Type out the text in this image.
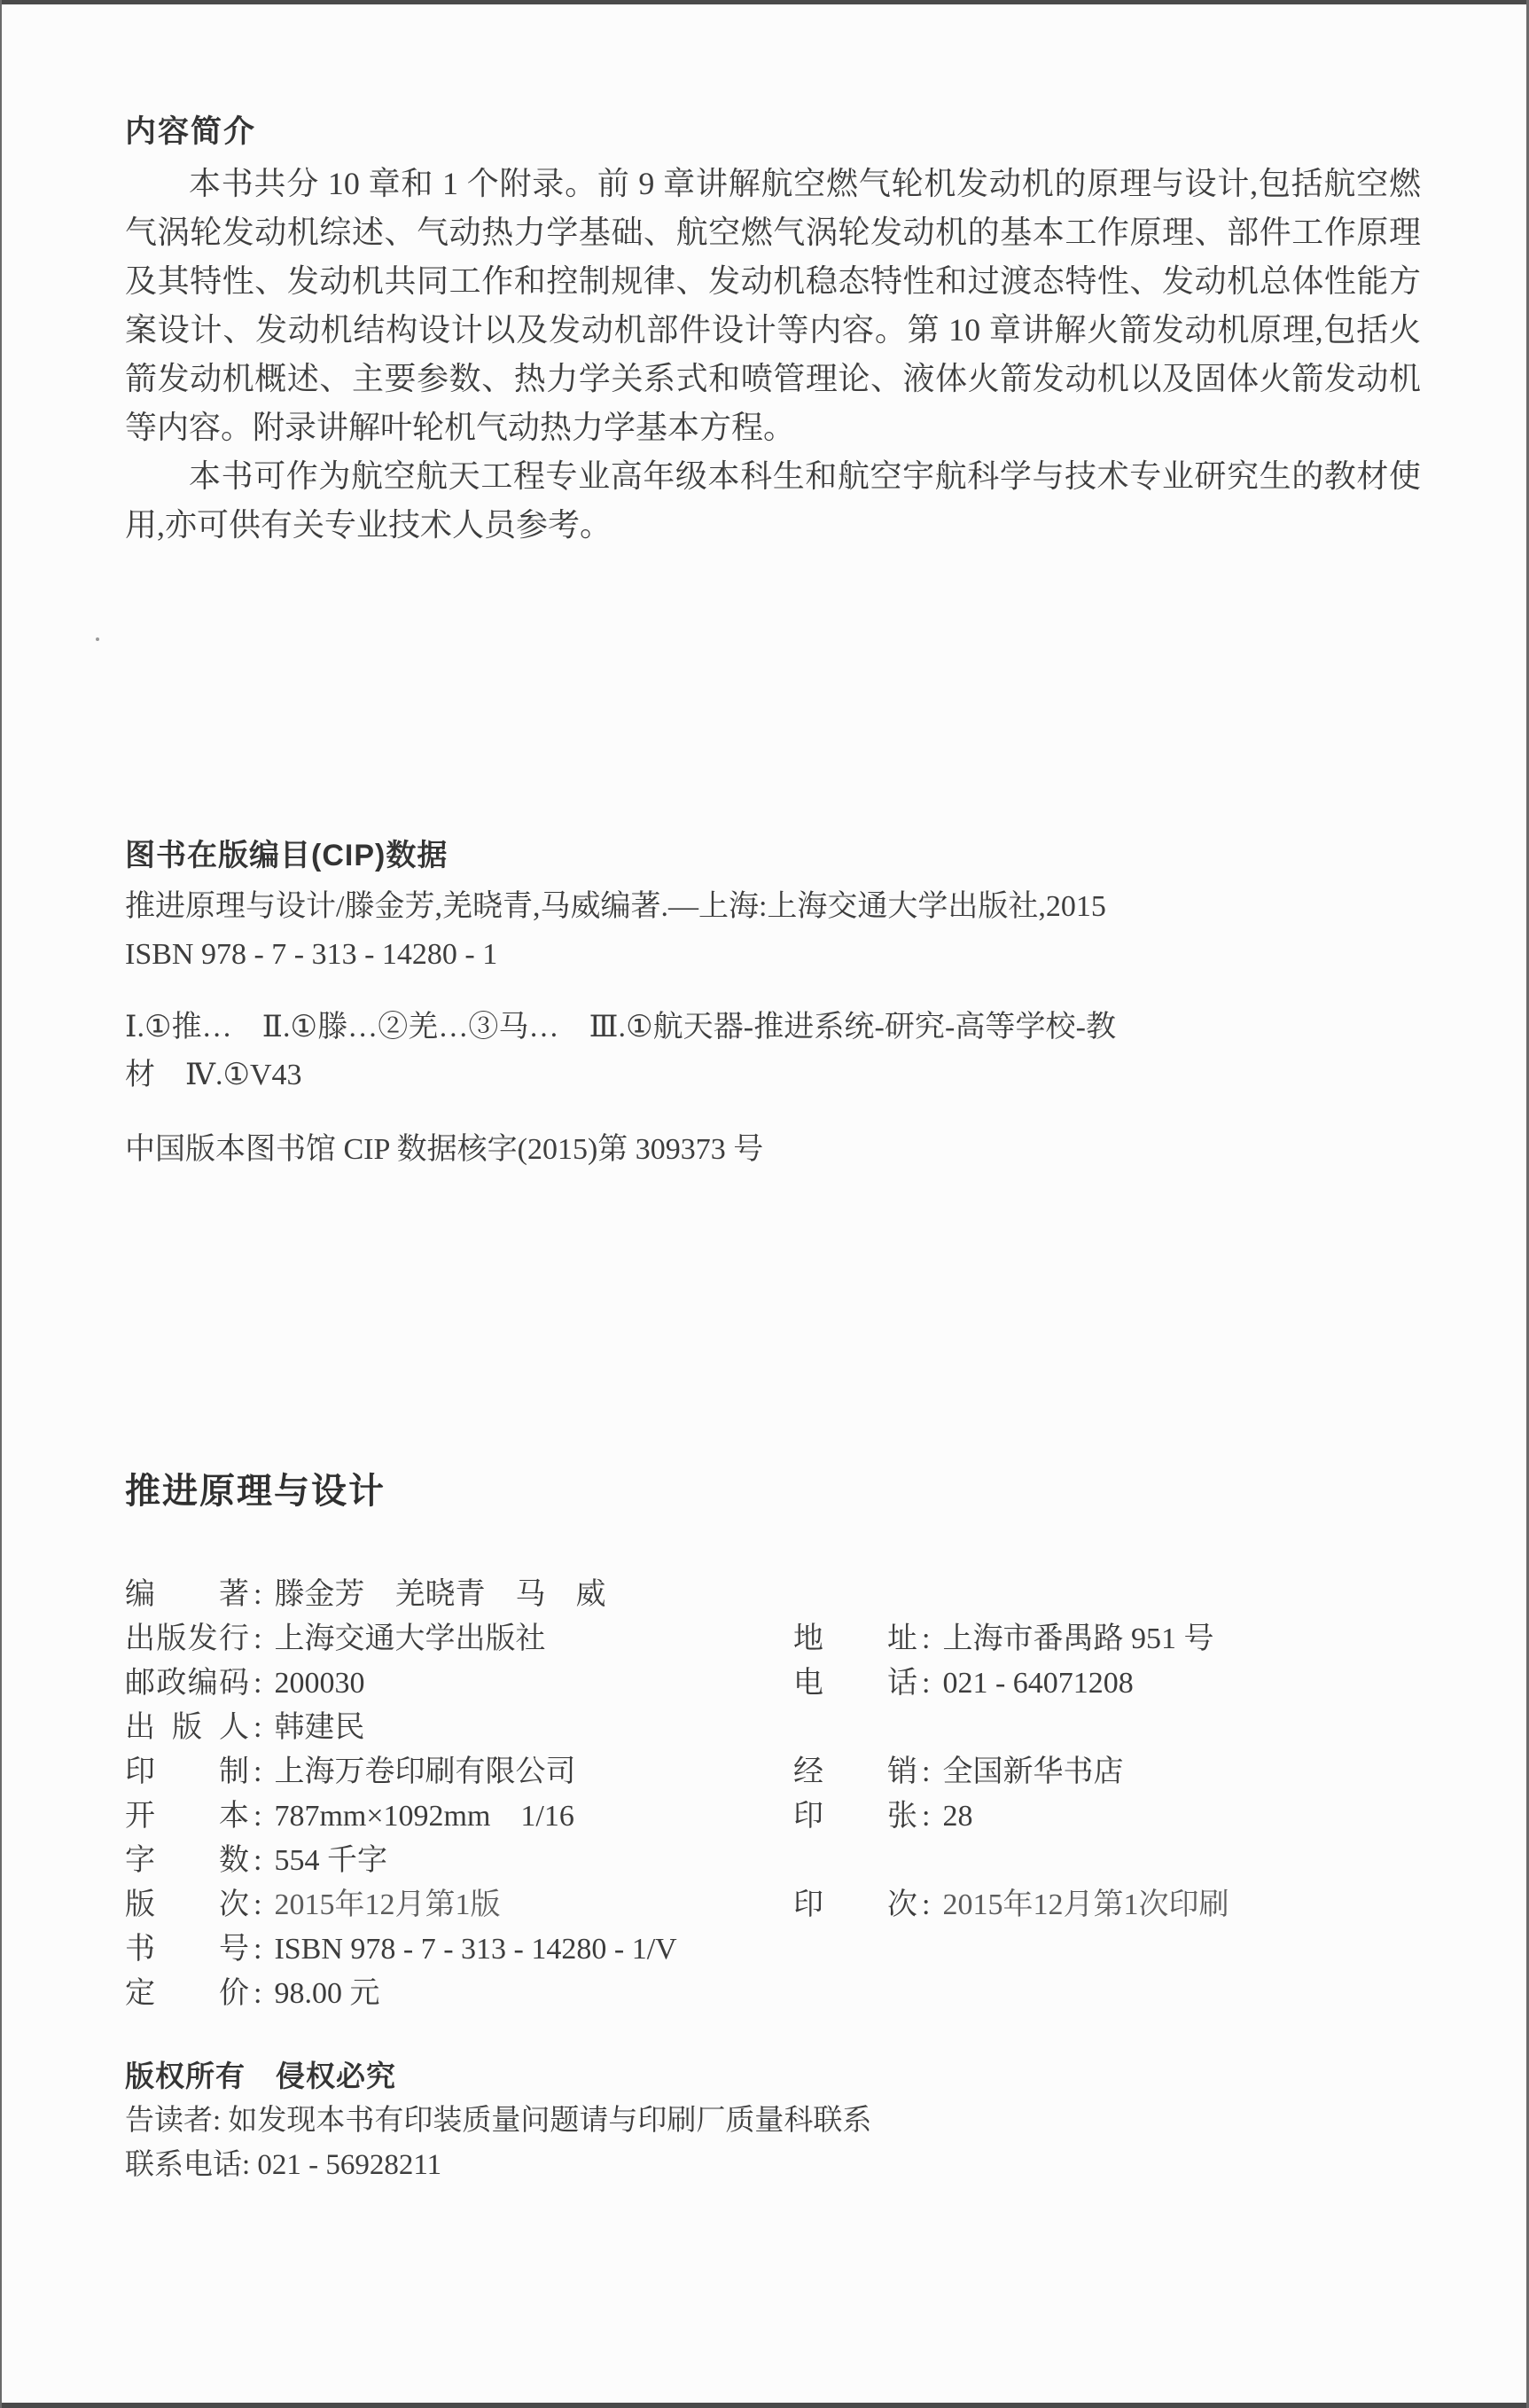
内容简介

本书共分 10 章和 1 个附录。前 9 章讲解航空燃气轮机发动机的原理与设计,包括航空燃气涡轮发动机综述、气动热力学基础、航空燃气涡轮发动机的基本工作原理、部件工作原理及其特性、发动机共同工作和控制规律、发动机稳态特性和过渡态特性、发动机总体性能方案设计、发动机结构设计以及发动机部件设计等内容。第 10 章讲解火箭发动机原理,包括火箭发动机概述、主要参数、热力学关系式和喷管理论、液体火箭发动机以及固体火箭发动机等内容。附录讲解叶轮机气动热力学基本方程。

本书可作为航空航天工程专业高年级本科生和航空宇航科学与技术专业研究生的教材使用,亦可供有关专业技术人员参考。

图书在版编目(CIP)数据

推进原理与设计/滕金芳,羌晓青,马威编著.—上海:上海交通大学出版社,2015

ISBN 978 - 7 - 313 - 14280 - 1

Ⅰ.①推…　Ⅱ.①滕…②羌…③马…　Ⅲ.①航天器-推进系统-研究-高等学校-教材　Ⅳ.①V43

中国版本图书馆 CIP 数据核字(2015)第 309373 号

推进原理与设计
编著 : 滕金芳　羌晓青　马　威
出版发行 : 上海交通大学出版社	地址 : 上海市番禺路 951 号
邮政编码 : 200030	电话 : 021 - 64071208
出版人 : 韩建民
印制 : 上海万卷印刷有限公司	经销 : 全国新华书店
开本 : 787mm×1092mm　1/16	印张 : 28
字数 : 554 千字
版次 : 2015年12月第1版	印次 : 2015年12月第1次印刷
书号 : ISBN 978 - 7 - 313 - 14280 - 1/V
定价 : 98.00 元

版权所有　侵权必究

告读者: 如发现本书有印装质量问题请与印刷厂质量科联系

联系电话: 021 - 56928211
